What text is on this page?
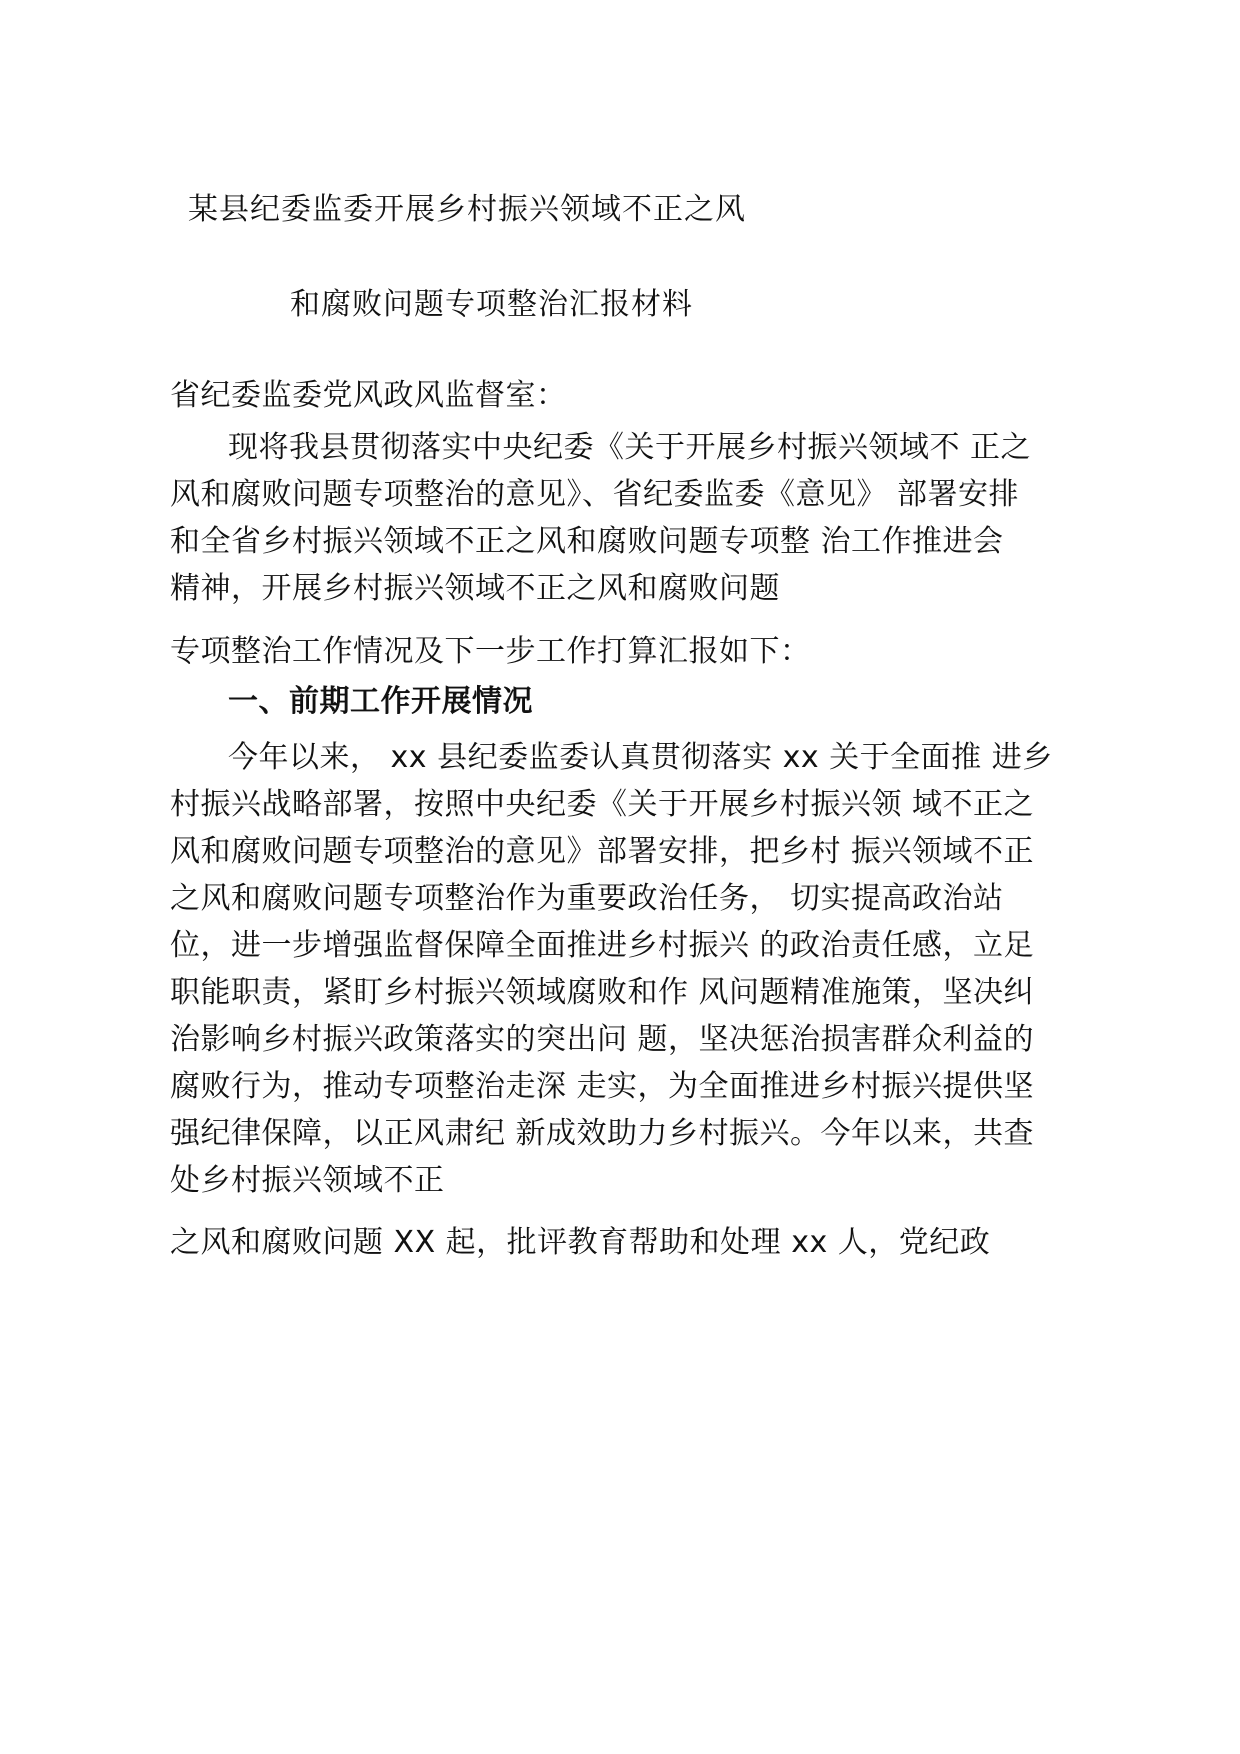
某县纪委监委开展乡村振兴领域不正之风
和腐败问题专项整治汇报材料
省纪委监委党风政风监督室：
现将我县贯彻落实中央纪委《关于开展乡村振兴领域不 正之
风和腐败问题专项整治的意见》、省纪委监委《意见》 部署安排
和全省乡村振兴领域不正之风和腐败问题专项整 治工作推进会
精神，开展乡村振兴领域不正之风和腐败问题
专项整治工作情况及下一步工作打算汇报如下：
一、前期工作开展情况
今年以来， xx 县纪委监委认真贯彻落实 xx 关于全面推 进乡
村振兴战略部署，按照中央纪委《关于开展乡村振兴领 域不正之
风和腐败问题专项整治的意见》部署安排，把乡村 振兴领域不正
之风和腐败问题专项整治作为重要政治任务， 切实提高政治站
位，进一步增强监督保障全面推进乡村振兴 的政治责任感，立足
职能职责，紧盯乡村振兴领域腐败和作 风问题精准施策，坚决纠
治影响乡村振兴政策落实的突出问 题，坚决惩治损害群众利益的
腐败行为，推动专项整治走深 走实，为全面推进乡村振兴提供坚
强纪律保障，以正风肃纪 新成效助力乡村振兴。今年以来，共查
处乡村振兴领域不正
之风和腐败问题 XX 起，批评教育帮助和处理 xx 人，党纪政
